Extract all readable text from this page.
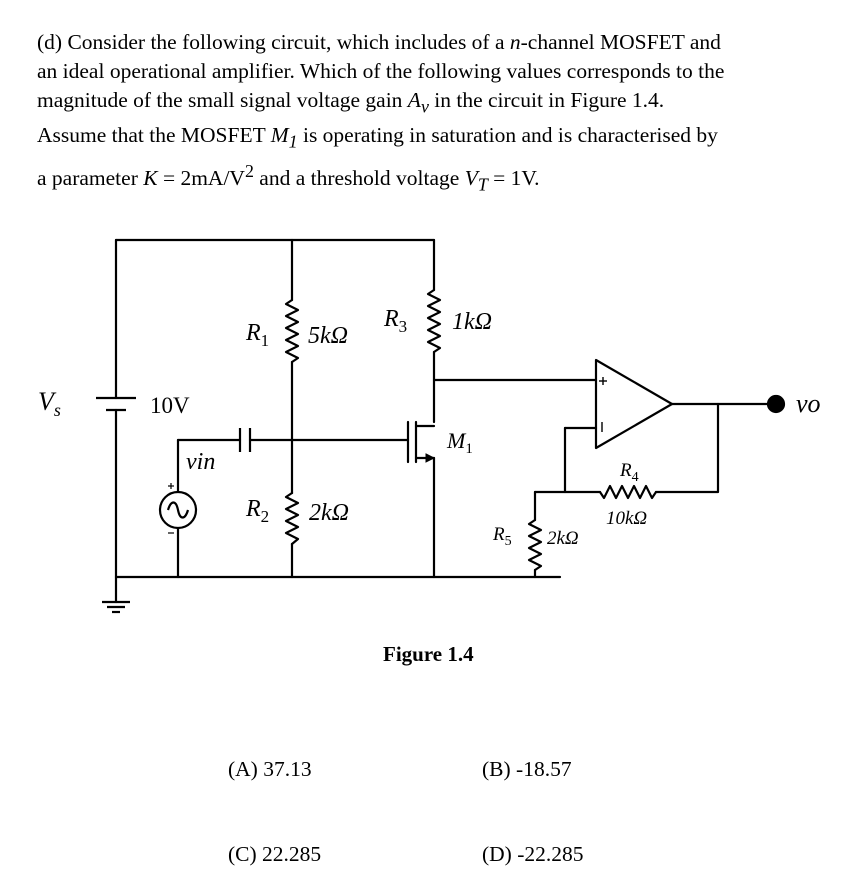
(d) Consider the following circuit, which includes of a n-channel MOSFET and

an ideal operational amplifier. Which of the following values corresponds to the

magnitude of the small signal voltage gain $A_v$ in the circuit in Figure 1.4.

Assume that the MOSFET $M_1$ is operating in saturation and is characterised by

a parameter $K = 2mA/V^2$ and a threshold voltage $V_T = 1V$.

$V_s$	10V
vin
$R_1$ 5kΩ
$R_2$ 2kΩ
$R_3$ 1kΩ
$M_1$
$R_4$
10kΩ
$R_5$ 2kΩ
vo
Figure 1.4
(A) 37.13	(B) -18.57
(C) 22.285	(D) -22.285
